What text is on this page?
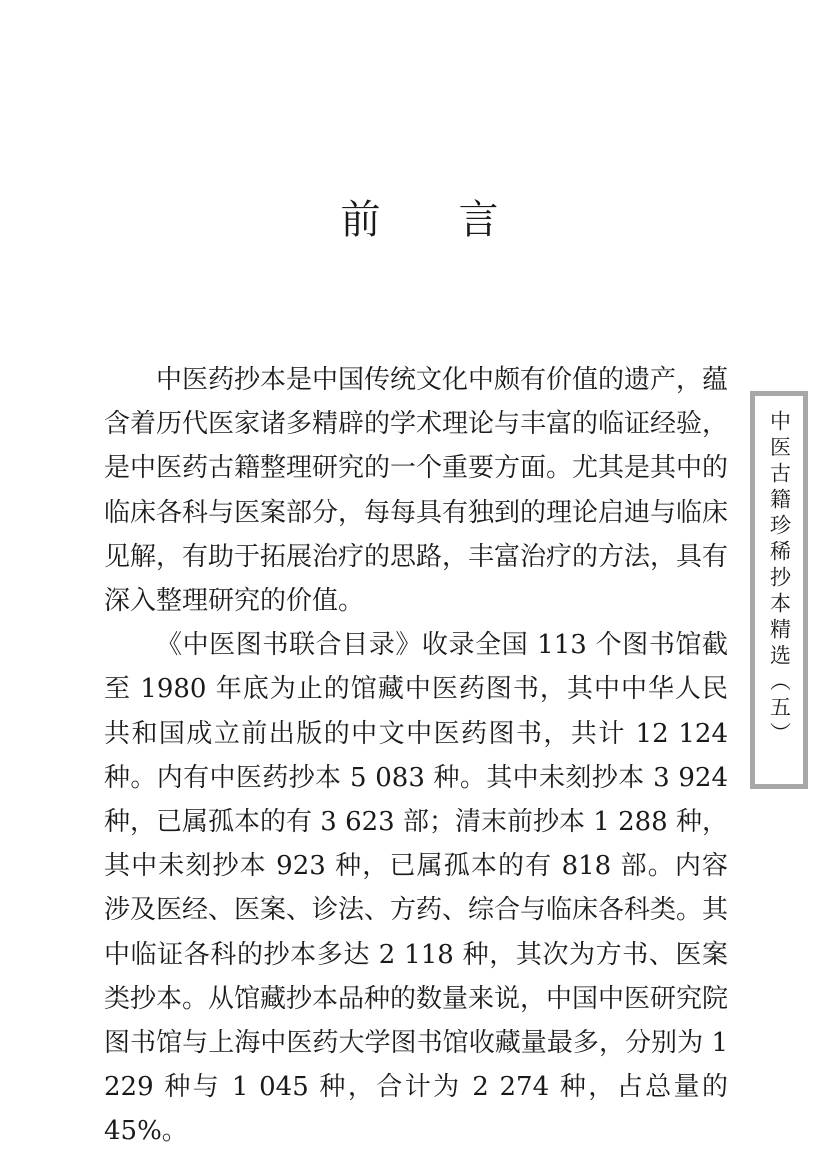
前言

中医药抄本是中国传统文化中颇有价值的遗产，蕴含着历代医家诸多精辟的学术理论与丰富的临证经验，是中医药古籍整理研究的一个重要方面。尤其是其中的临床各科与医案部分，每每具有独到的理论启迪与临床见解，有助于拓展治疗的思路，丰富治疗的方法，具有深入整理研究的价值。

《中医图书联合目录》收录全国 113 个图书馆截至 1980 年底为止的馆藏中医药图书，其中中华人民共和国成立前出版的中文中医药图书，共计 12 124 种。内有中医药抄本 5 083 种。其中未刻抄本 3 924 种，已属孤本的有 3 623 部；清末前抄本 1 288 种，其中未刻抄本 923 种，已属孤本的有 818 部。内容涉及医经、医案、诊法、方药、综合与临床各科类。其中临证各科的抄本多达 2 118 种，其次为方书、医案类抄本。从馆藏抄本品种的数量来说，中国中医研究院图书馆与上海中医药大学图书馆收藏量最多，分别为 1 229 种与 1 045 种，合计为 2 274 种，占总量的 45%。

中医古籍珍稀抄本精选（五）
